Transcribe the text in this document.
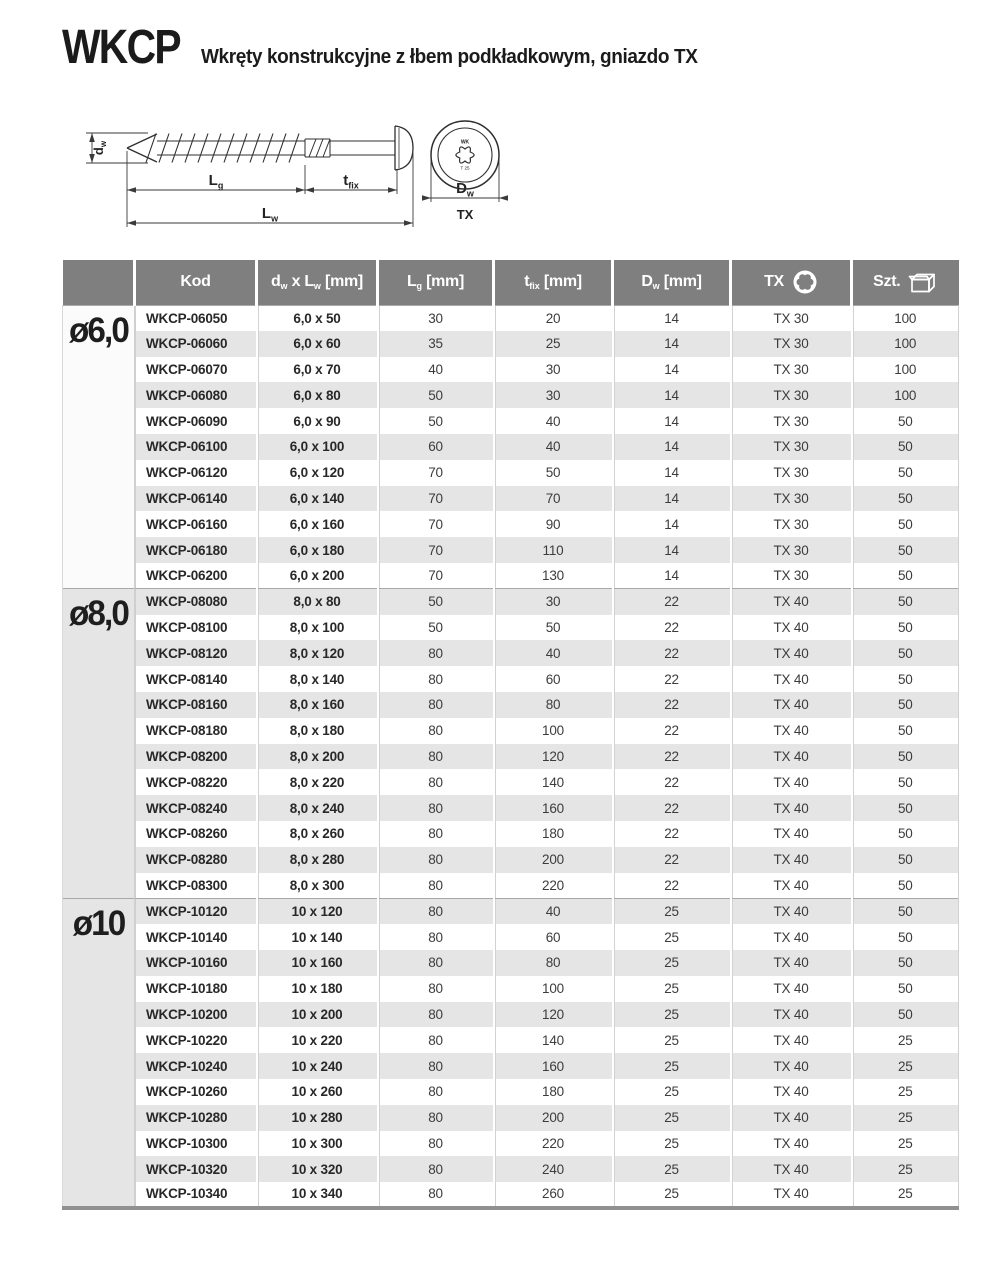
WKCP Wkręty konstrukcyjne z łbem podkładkowym, gniazdo TX
$d_w$
$L_g$	$t_{fix}$
$L_w$
$D_w$
TX
WK
T 25
	Kod	$d_w$ x $L_w$ [mm]	$L_g$ [mm]	$t_{fix}$ [mm]	$D_w$ [mm]	TX	Szt.

ø6,0	WKCP-06050	6,0 x 50	30	20	14	TX 30	100
	WKCP-06060	6,0 x 60	35	25	14	TX 30	100
	WKCP-06070	6,0 x 70	40	30	14	TX 30	100
	WKCP-06080	6,0 x 80	50	30	14	TX 30	100
	WKCP-06090	6,0 x 90	50	40	14	TX 30	50
	WKCP-06100	6,0 x 100	60	40	14	TX 30	50
	WKCP-06120	6,0 x 120	70	50	14	TX 30	50
	WKCP-06140	6,0 x 140	70	70	14	TX 30	50
	WKCP-06160	6,0 x 160	70	90	14	TX 30	50
	WKCP-06180	6,0 x 180	70	110	14	TX 30	50
	WKCP-06200	6,0 x 200	70	130	14	TX 30	50

ø8,0	WKCP-08080	8,0 x 80	50	30	22	TX 40	50
	WKCP-08100	8,0 x 100	50	50	22	TX 40	50
	WKCP-08120	8,0 x 120	80	40	22	TX 40	50
	WKCP-08140	8,0 x 140	80	60	22	TX 40	50
	WKCP-08160	8,0 x 160	80	80	22	TX 40	50
	WKCP-08180	8,0 x 180	80	100	22	TX 40	50
	WKCP-08200	8,0 x 200	80	120	22	TX 40	50
	WKCP-08220	8,0 x 220	80	140	22	TX 40	50
	WKCP-08240	8,0 x 240	80	160	22	TX 40	50
	WKCP-08260	8,0 x 260	80	180	22	TX 40	50
	WKCP-08280	8,0 x 280	80	200	22	TX 40	50
	WKCP-08300	8,0 x 300	80	220	22	TX 40	50

ø10	WKCP-10120	10 x 120	80	40	25	TX 40	50
	WKCP-10140	10 x 140	80	60	25	TX 40	50
	WKCP-10160	10 x 160	80	80	25	TX 40	50
	WKCP-10180	10 x 180	80	100	25	TX 40	50
	WKCP-10200	10 x 200	80	120	25	TX 40	50
	WKCP-10220	10 x 220	80	140	25	TX 40	25
	WKCP-10240	10 x 240	80	160	25	TX 40	25
	WKCP-10260	10 x 260	80	180	25	TX 40	25
	WKCP-10280	10 x 280	80	200	25	TX 40	25
	WKCP-10300	10 x 300	80	220	25	TX 40	25
	WKCP-10320	10 x 320	80	240	25	TX 40	25
	WKCP-10340	10 x 340	80	260	25	TX 40	25
